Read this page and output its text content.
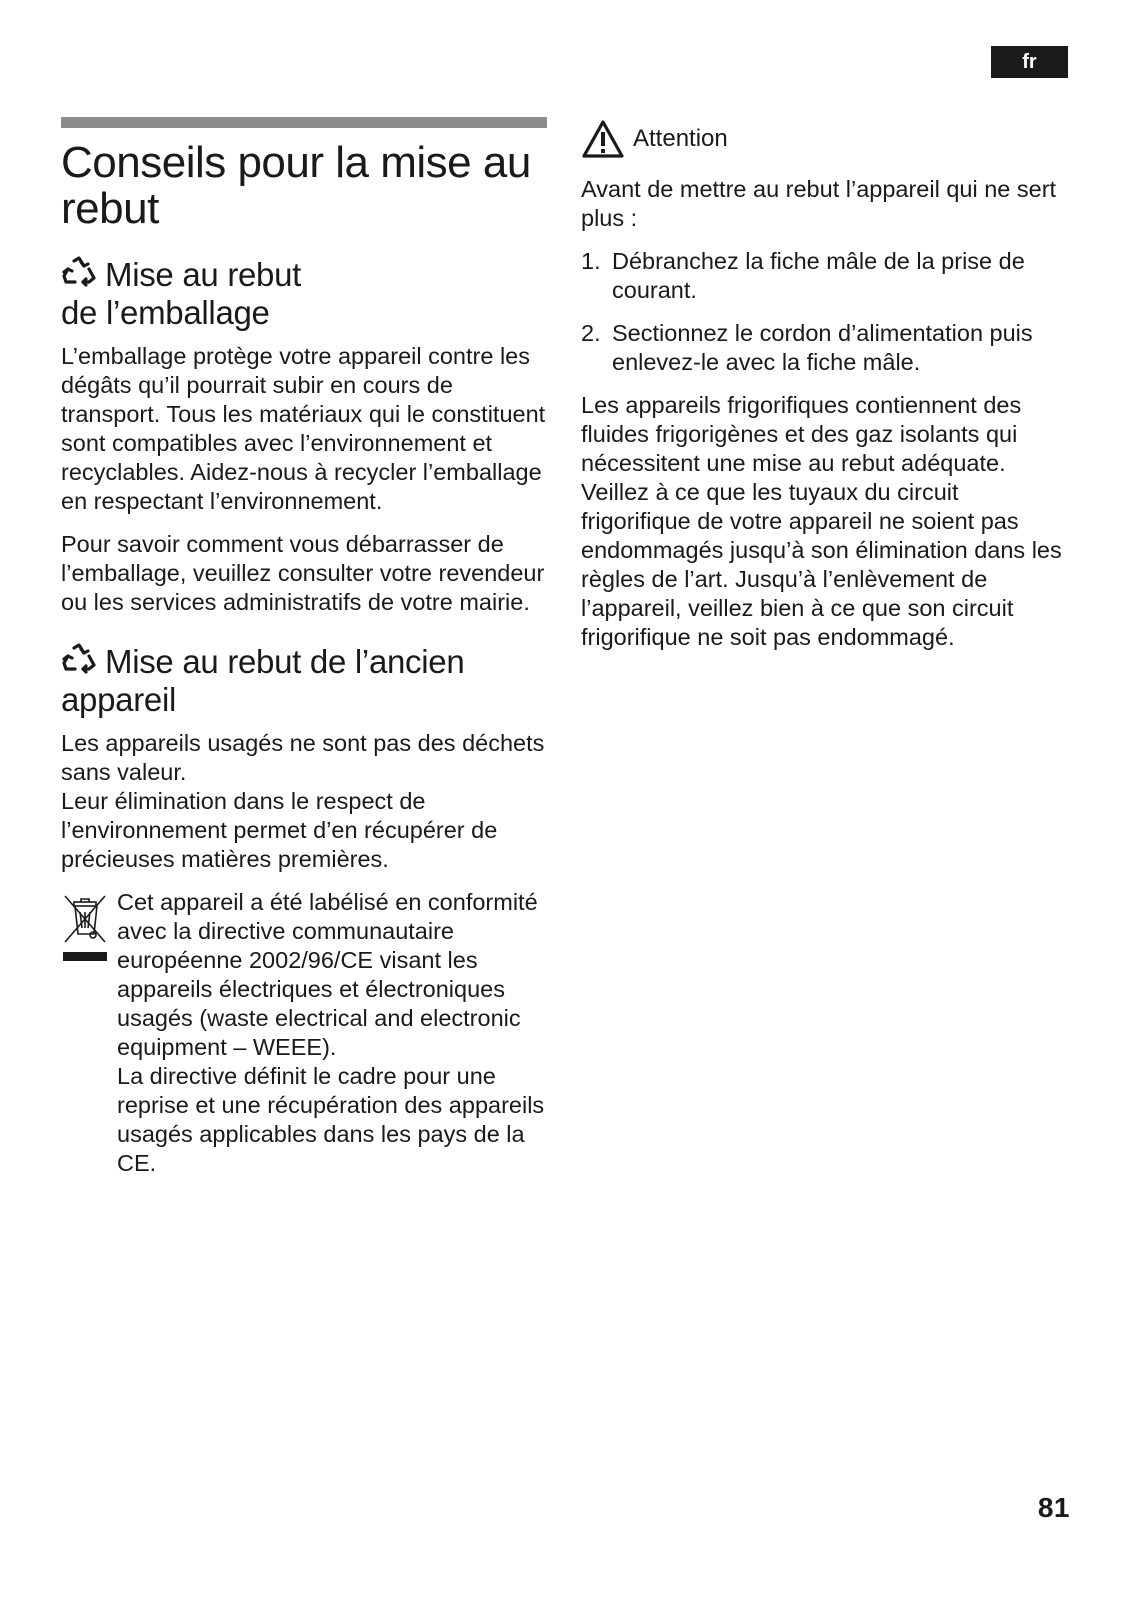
fr
Conseils pour la mise au rebut
Mise au rebut
de l’emballage

L’emballage protège votre appareil contre les dégâts qu’il pourrait subir en cours de transport. Tous les matériaux qui le constituent sont compatibles avec l’environnement et recyclables. Aidez-nous à recycler l’emballage en respectant l’environnement.

Pour savoir comment vous débarrasser de l’emballage, veuillez consulter votre revendeur ou les services administratifs de votre mairie.

Mise au rebut de l’ancien appareil

Les appareils usagés ne sont pas des déchets sans valeur.
Leur élimination dans le respect de l’environnement permet d’en récupérer de précieuses matières premières.

Cet appareil a été labélisé en conformité avec la directive communautaire européenne 2002/96/CE visant les appareils électriques et électroniques usagés (waste electrical and electronic equipment – WEEE).

La directive définit le cadre pour une reprise et une récupération des appareils usagés applicables dans les pays de la CE.

Attention

Avant de mettre au rebut l’appareil qui ne sert plus :

1. Débranchez la fiche mâle de la prise de courant.
2. Sectionnez le cordon d’alimentation puis enlevez-le avec la fiche mâle.

Les appareils frigorifiques contiennent des fluides frigorigènes et des gaz isolants qui nécessitent une mise au rebut adéquate. Veillez à ce que les tuyaux du circuit frigorifique de votre appareil ne soient pas endommagés jusqu’à son élimination dans les règles de l’art. Jusqu’à l’enlèvement de l’appareil, veillez bien à ce que son circuit frigorifique ne soit pas endommagé.

81
